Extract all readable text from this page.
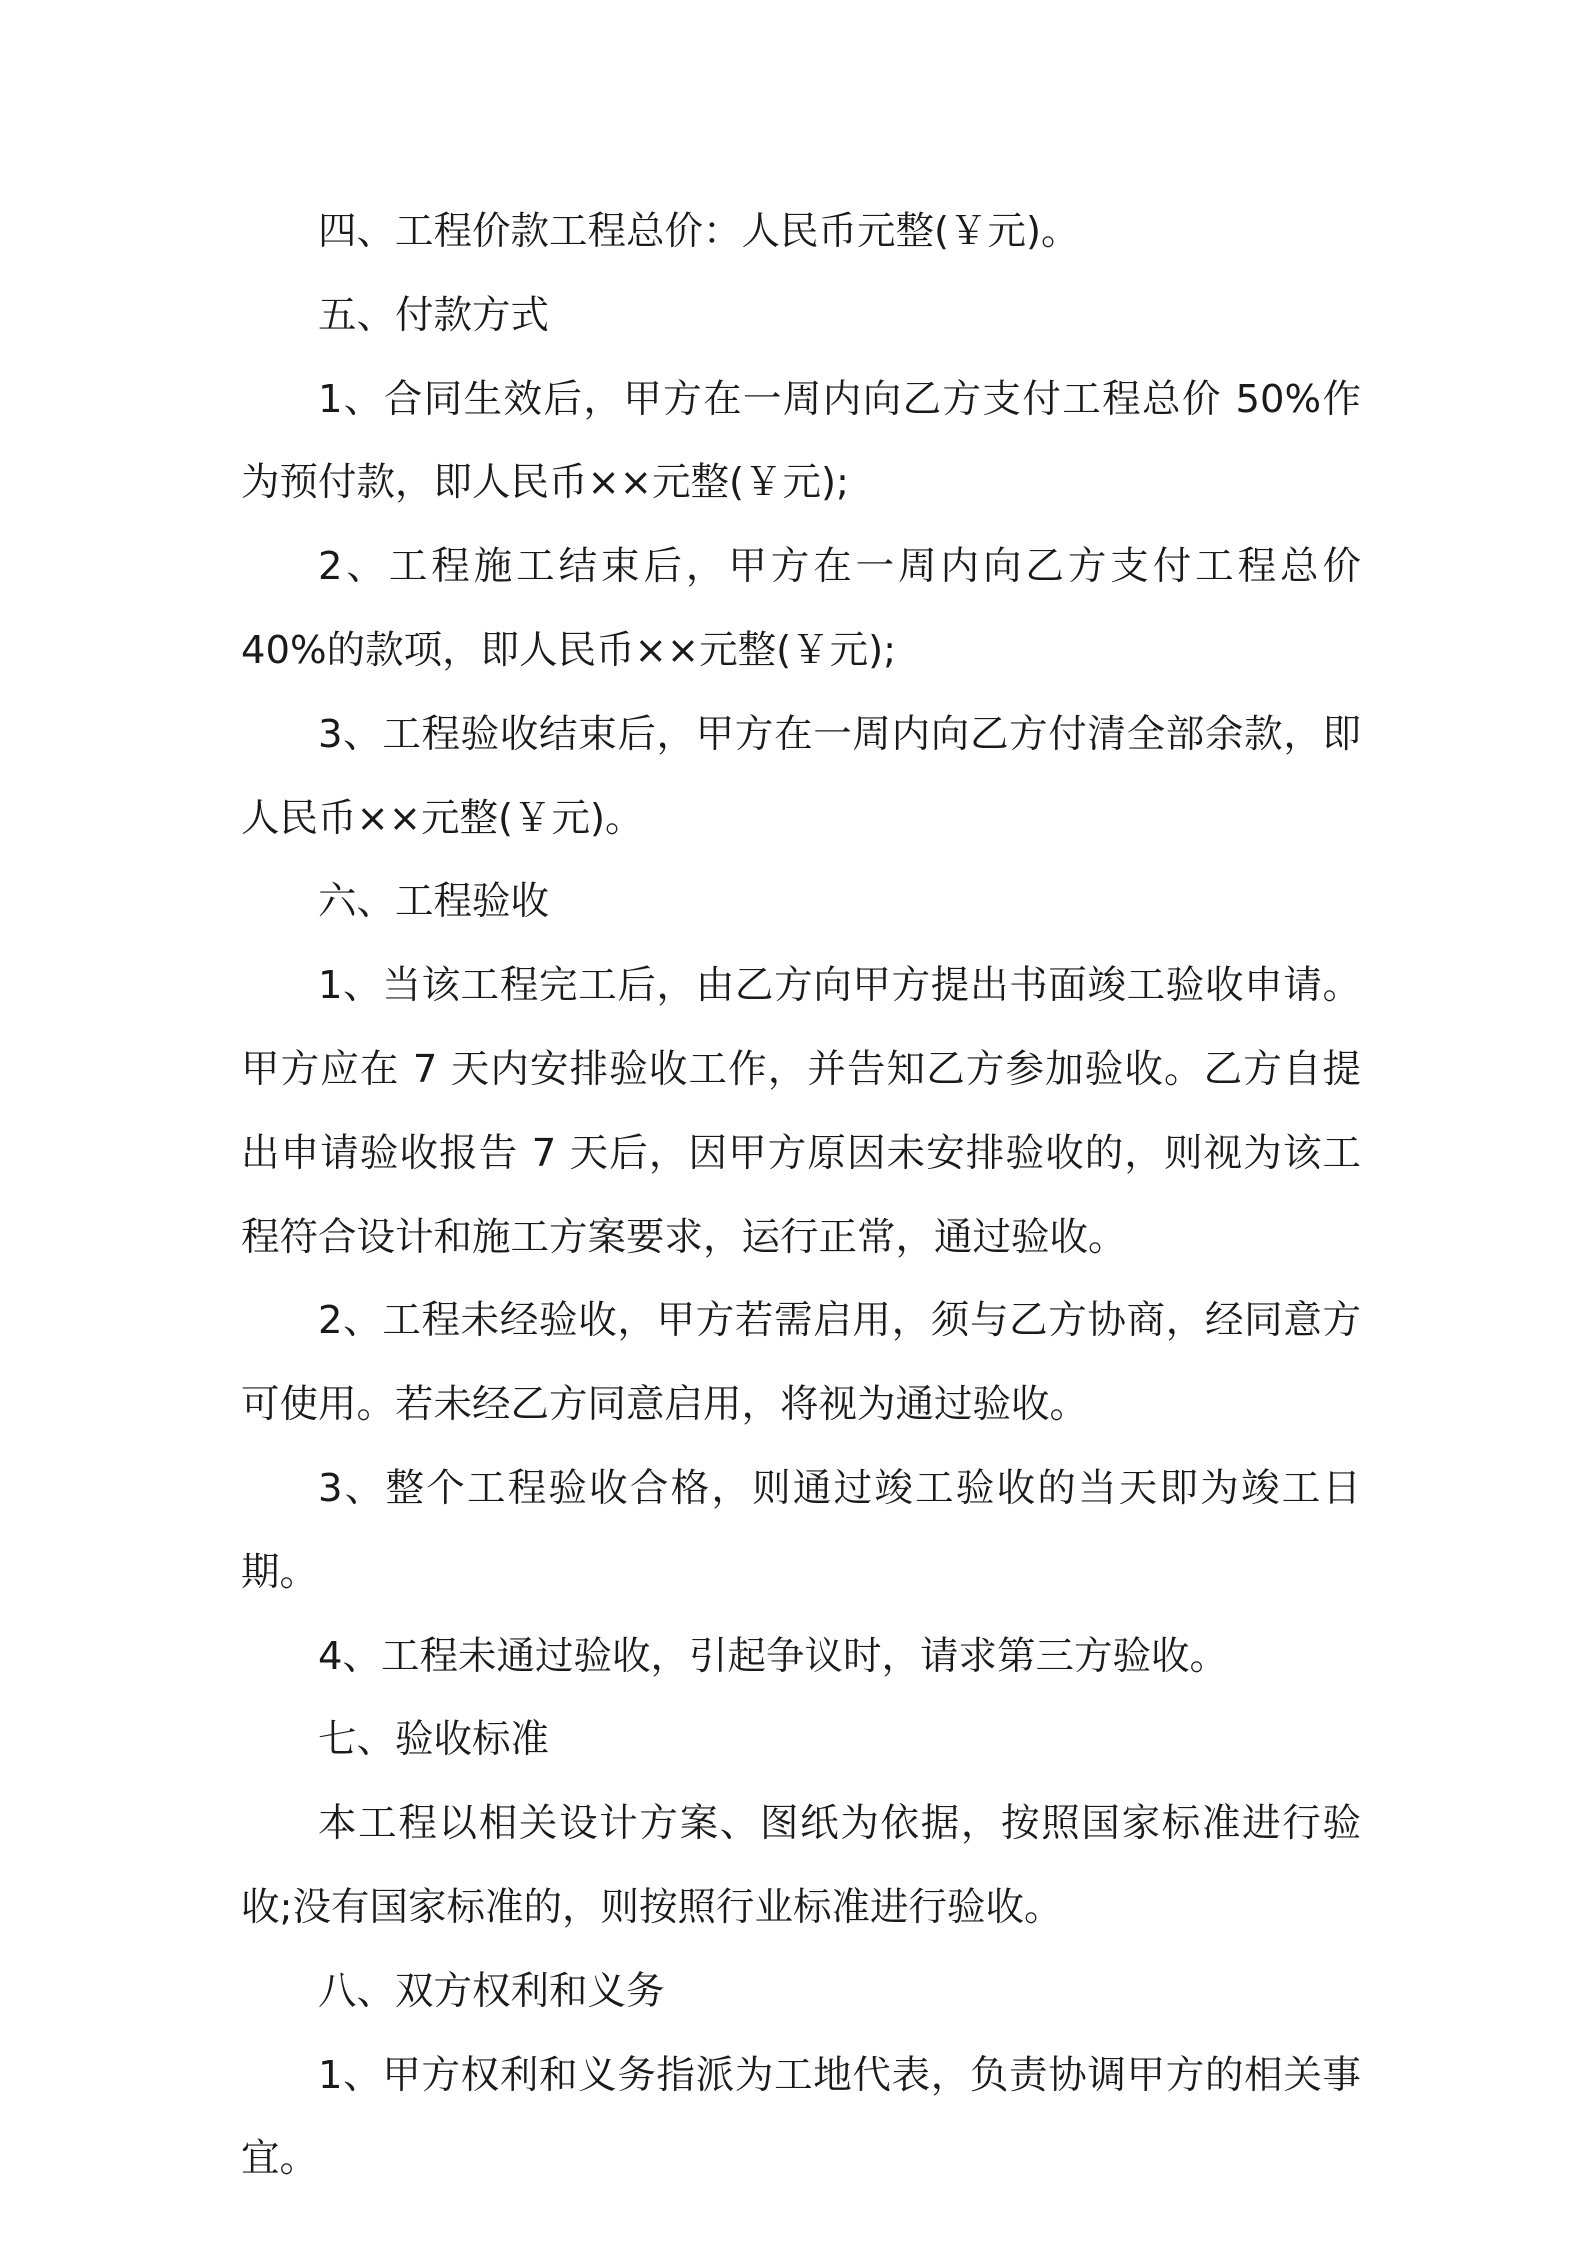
四、工程价款工程总价：人民币元整(￥元)。

五、付款方式

1、合同生效后，甲方在一周内向乙方支付工程总价 50%作为预付款，即人民币××元整(￥元);

2、工程施工结束后，甲方在一周内向乙方支付工程总价 40%的款项，即人民币××元整(￥元);

3、工程验收结束后，甲方在一周内向乙方付清全部余款，即人民币××元整(￥元)。

六、工程验收

1、当该工程完工后，由乙方向甲方提出书面竣工验收申请。甲方应在 7 天内安排验收工作，并告知乙方参加验收。乙方自提出申请验收报告 7 天后，因甲方原因未安排验收的，则视为该工程符合设计和施工方案要求，运行正常，通过验收。

2、工程未经验收，甲方若需启用，须与乙方协商，经同意方可使用。若未经乙方同意启用，将视为通过验收。

3、整个工程验收合格，则通过竣工验收的当天即为竣工日期。

4、工程未通过验收，引起争议时，请求第三方验收。

七、验收标准

本工程以相关设计方案、图纸为依据，按照国家标准进行验收;没有国家标准的，则按照行业标准进行验收。

八、双方权利和义务

1、甲方权利和义务指派为工地代表，负责协调甲方的相关事宜。
